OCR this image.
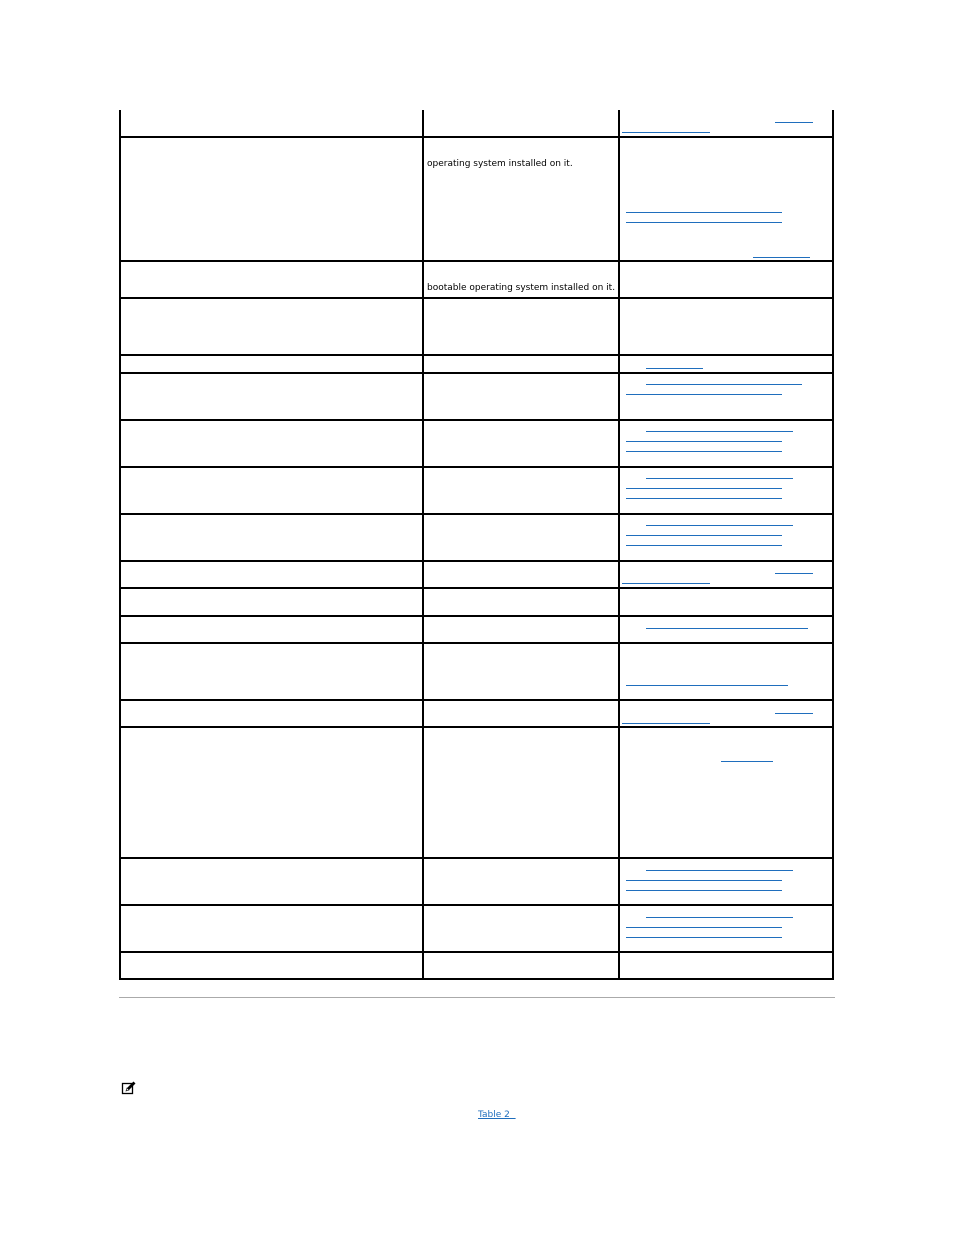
operating system installed on it.
bootable operating system installed on it.
Table 2
